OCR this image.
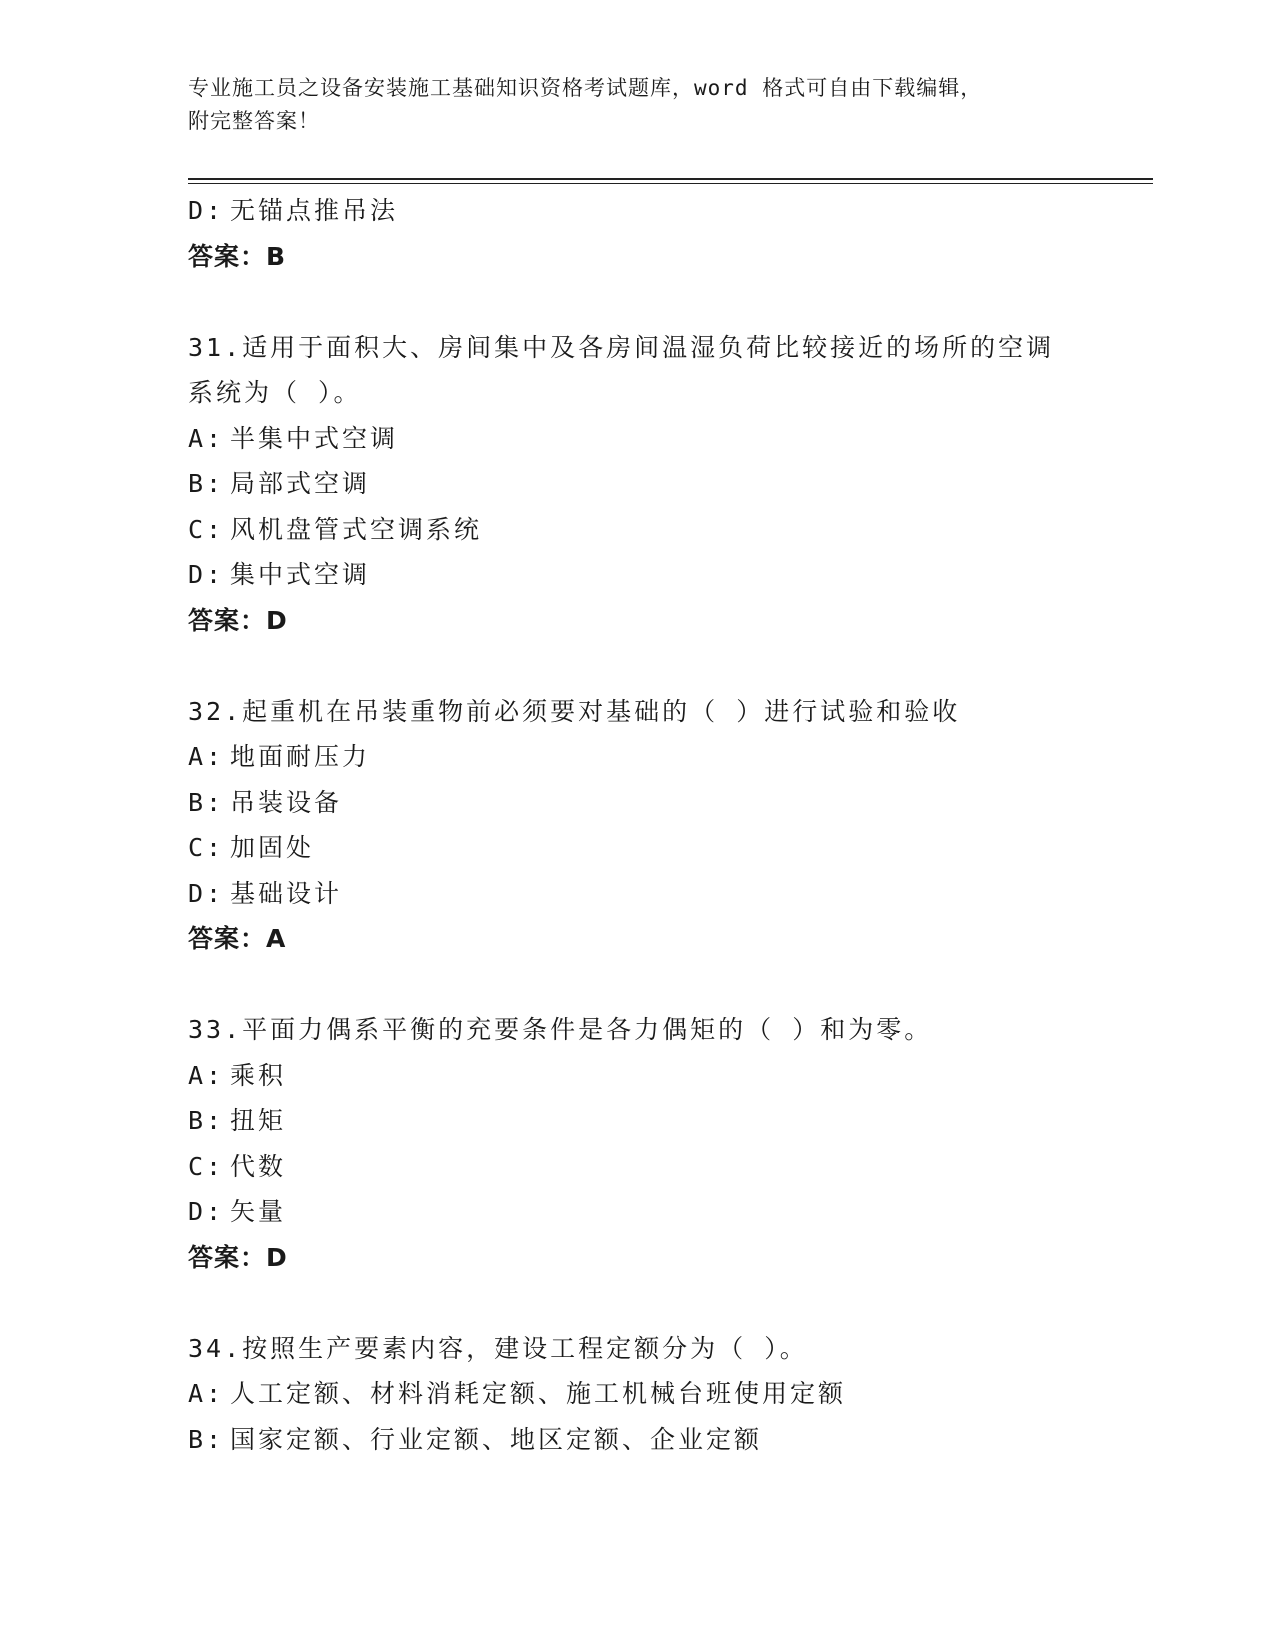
专业施工员之设备安装施工基础知识资格考试题库，word 格式可自由下载编辑，
附完整答案！
D: 无锚点推吊法
答案：B
31.适用于面积大、房间集中及各房间温湿负荷比较接近的场所的空调
系统为（ ）。
A: 半集中式空调
B: 局部式空调
C: 风机盘管式空调系统
D: 集中式空调
答案：D
32.起重机在吊装重物前必须要对基础的（ ）进行试验和验收
A: 地面耐压力
B: 吊装设备
C: 加固处
D: 基础设计
答案：A
33.平面力偶系平衡的充要条件是各力偶矩的（ ）和为零。
A: 乘积
B: 扭矩
C: 代数
D: 矢量
答案：D
34.按照生产要素内容，建设工程定额分为（ ）。
A: 人工定额、材料消耗定额、施工机械台班使用定额
B: 国家定额、行业定额、地区定额、企业定额
